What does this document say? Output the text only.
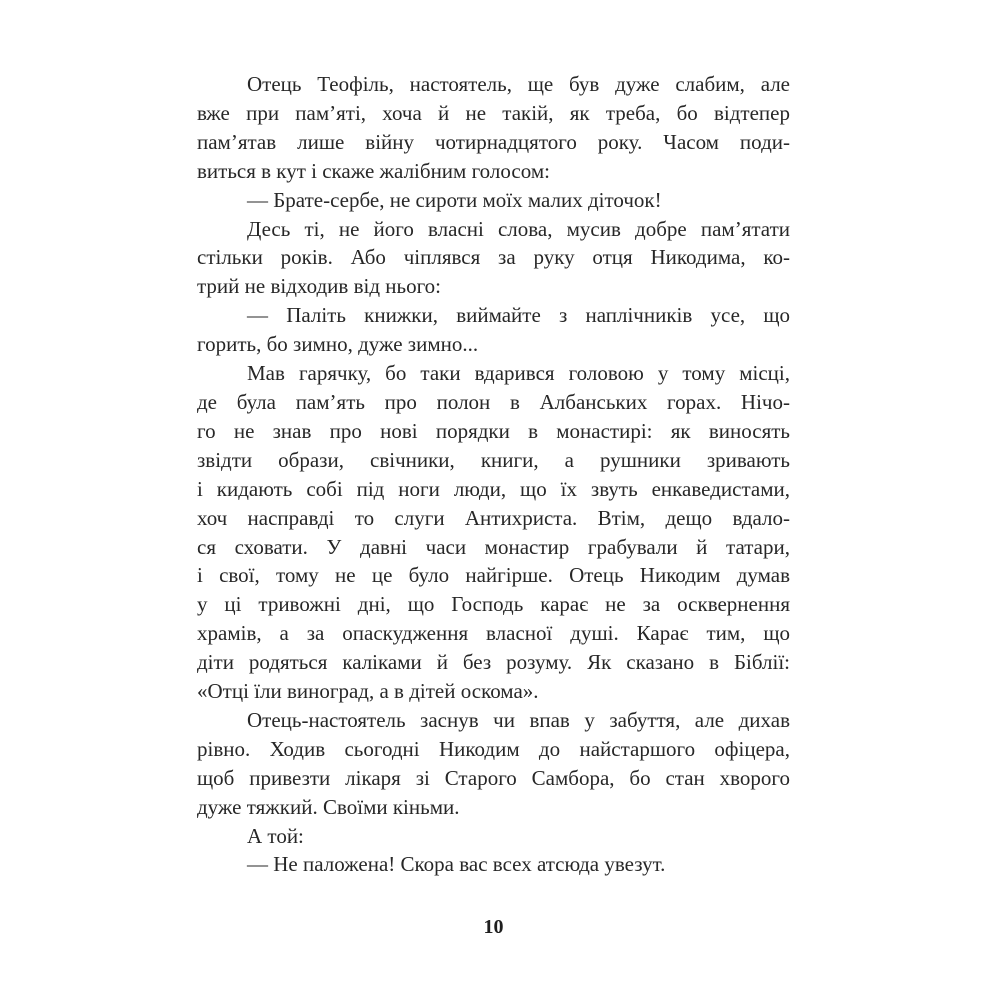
Отець Теофіль, настоятель, ще був дуже слабим, але
вже при пам’яті, хоча й не такій, як треба, бо відтепер
пам’ятав лише війну чотирнадцятого року. Часом поди-
виться в кут і скаже жалібним голосом:
— Брате-сербе, не сироти моїх малих діточок!
Десь ті, не його власні слова, мусив добре пам’ятати
стільки років. Або чіплявся за руку отця Никодима, ко-
трий не відходив від нього:
— Паліть книжки, виймайте з наплічників усе, що
горить, бо зимно, дуже зимно...
Мав гарячку, бо таки вдарився головою у тому місці,
де була пам’ять про полон в Албанських горах. Нічо-
го не знав про нові порядки в монастирі: як виносять
звідти образи, свічники, книги, а рушники зривають
і кидають собі під ноги люди, що їх звуть енкаведистами,
хоч насправді то слуги Антихриста. Втім, дещо вдало-
ся сховати. У давні часи монастир грабували й татари,
і свої, тому не це було найгірше. Отець Никодим думав
у ці тривожні дні, що Господь карає не за осквернення
храмів, а за опаскудження власної душі. Карає тим, що
діти родяться каліками й без розуму. Як сказано в Біблії:
«Отці їли виноград, а в дітей оскома».
Отець-настоятель заснув чи впав у забуття, але дихав
рівно. Ходив сьогодні Никодим до найстаршого офіцера,
щоб привезти лікаря зі Старого Самбора, бо стан хворого
дуже тяжкий. Своїми кіньми.
А той:
— Не паложена! Скора вас всех атсюда увезут.
10
